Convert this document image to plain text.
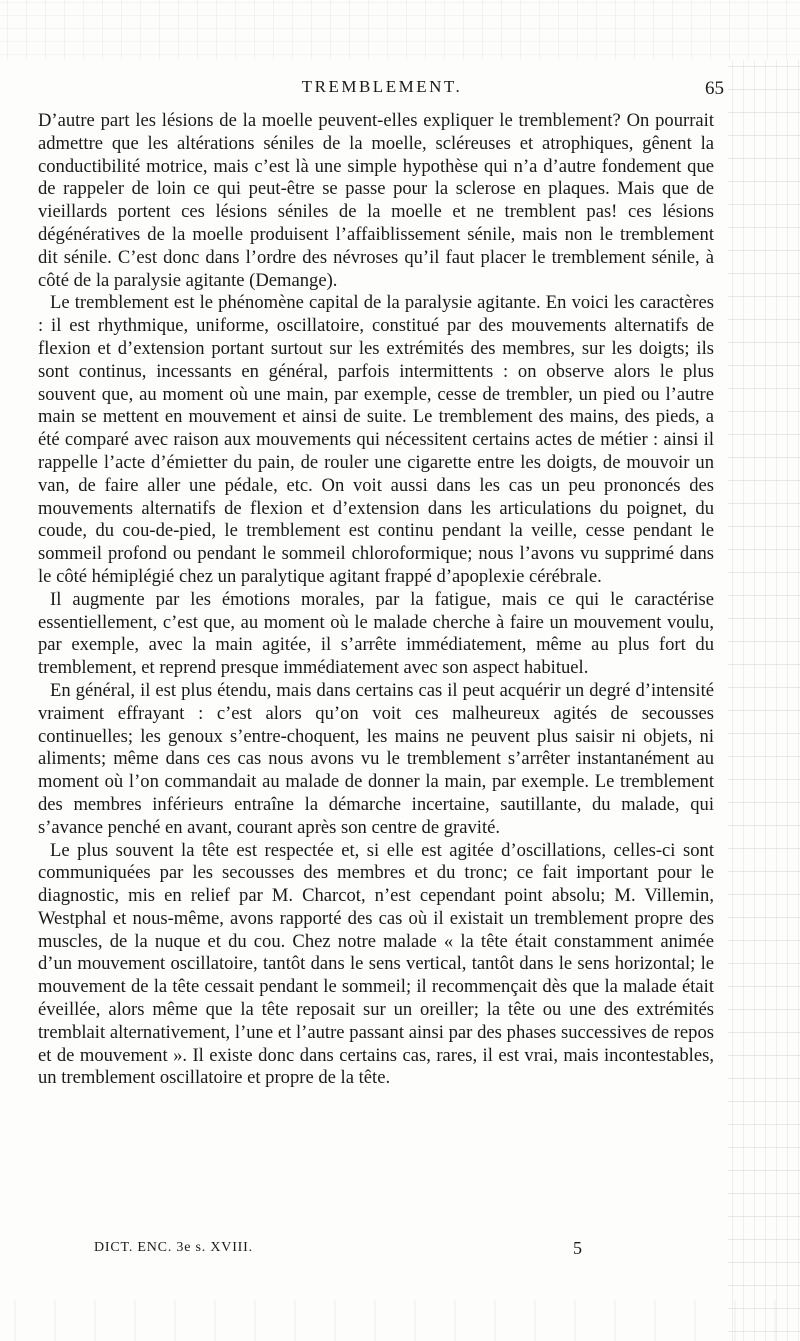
TREMBLEMENT.	65

D’autre part les lésions de la moelle peuvent-elles expliquer le tremblement? On pourrait admettre que les altérations séniles de la moelle, scléreuses et atrophiques, gênent la conductibilité motrice, mais c’est là une simple hypothèse qui n’a d’autre fondement que de rappeler de loin ce qui peut-être se passe pour la sclerose en plaques. Mais que de vieillards portent ces lésions séniles de la moelle et ne tremblent pas! ces lésions dégénératives de la moelle produisent l’affaiblissement sénile, mais non le tremblement dit sénile. C’est donc dans l’ordre des névroses qu’il faut placer le tremblement sénile, à côté de la paralysie agitante (Demange).

Le tremblement est le phénomène capital de la paralysie agitante. En voici les caractères : il est rhythmique, uniforme, oscillatoire, constitué par des mouvements alternatifs de flexion et d’extension portant surtout sur les extrémités des membres, sur les doigts; ils sont continus, incessants en général, parfois intermittents : on observe alors le plus souvent que, au moment où une main, par exemple, cesse de trembler, un pied ou l’autre main se mettent en mouvement et ainsi de suite. Le tremblement des mains, des pieds, a été comparé avec raison aux mouvements qui nécessitent certains actes de métier : ainsi il rappelle l’acte d’émietter du pain, de rouler une cigarette entre les doigts, de mouvoir un van, de faire aller une pédale, etc. On voit aussi dans les cas un peu prononcés des mouvements alternatifs de flexion et d’extension dans les articulations du poignet, du coude, du cou-de-pied, le tremblement est continu pendant la veille, cesse pendant le sommeil profond ou pendant le sommeil chloroformique; nous l’avons vu supprimé dans le côté hémiplégié chez un paralytique agitant frappé d’apoplexie cérébrale.

Il augmente par les émotions morales, par la fatigue, mais ce qui le caractérise essentiellement, c’est que, au moment où le malade cherche à faire un mouvement voulu, par exemple, avec la main agitée, il s’arrête immédiatement, même au plus fort du tremblement, et reprend presque immédiatement avec son aspect habituel.

En général, il est plus étendu, mais dans certains cas il peut acquérir un degré d’intensité vraiment effrayant : c’est alors qu’on voit ces malheureux agités de secousses continuelles; les genoux s’entre-choquent, les mains ne peuvent plus saisir ni objets, ni aliments; même dans ces cas nous avons vu le tremblement s’arrêter instantanément au moment où l’on commandait au malade de donner la main, par exemple. Le tremblement des membres inférieurs entraîne la démarche incertaine, sautillante, du malade, qui s’avance penché en avant, courant après son centre de gravité.

Le plus souvent la tête est respectée et, si elle est agitée d’oscillations, celles-ci sont communiquées par les secousses des membres et du tronc; ce fait important pour le diagnostic, mis en relief par M. Charcot, n’est cependant point absolu; M. Villemin, Westphal et nous-même, avons rapporté des cas où il existait un tremblement propre des muscles, de la nuque et du cou. Chez notre malade « la tête était constamment animée d’un mouvement oscillatoire, tantôt dans le sens vertical, tantôt dans le sens horizontal; le mouvement de la tête cessait pendant le sommeil; il recommençait dès que la malade était éveillée, alors même que la tête reposait sur un oreiller; la tête ou une des extrémités tremblait alternativement, l’une et l’autre passant ainsi par des phases successives de repos et de mouvement ». Il existe donc dans certains cas, rares, il est vrai, mais incontestables, un tremblement oscillatoire et propre de la tête.

DICT. ENC. 3e s. XVIII.	5
